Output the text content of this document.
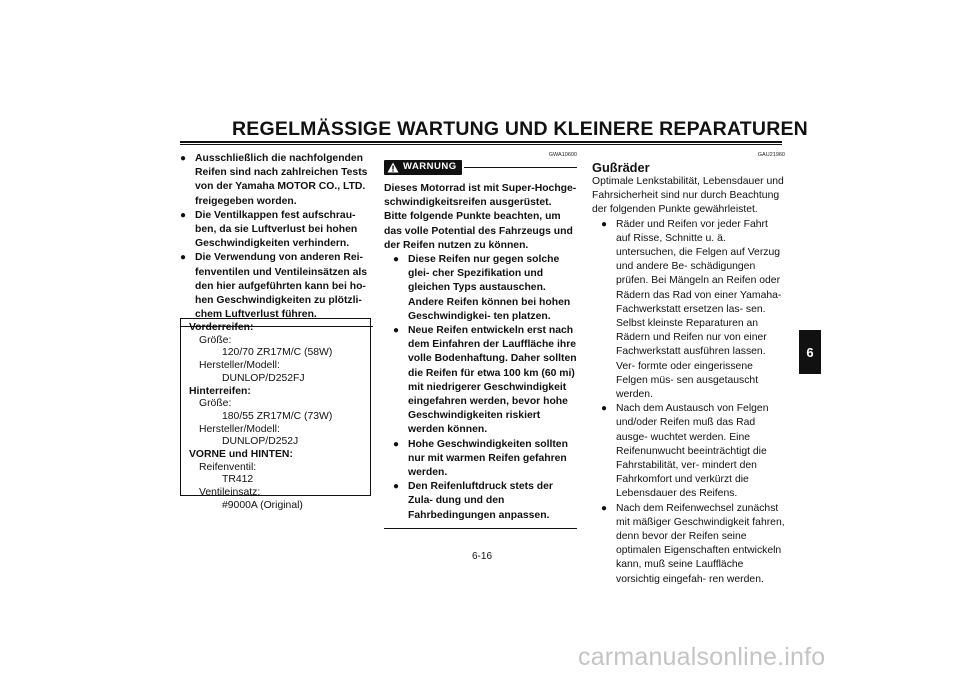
REGELMÄSSIGE WARTUNG UND KLEINERE REPARATUREN
● Ausschließlich die nachfolgenden Reifen sind nach zahlreichen Tests von der Yamaha MOTOR CO., LTD. freigegeben worden.
● Die Ventilkappen fest aufschrau- ben, da sie Luftverlust bei hohen Geschwindigkeiten verhindern.
● Die Verwendung von anderen Rei- fenventilen und Ventileinsätzen als den hier aufgeführten kann bei ho- hen Geschwindigkeiten zu plötzli- chem Luftverlust führen.
Vorderreifen:
Größe:
120/70 ZR17M/C (58W)
Hersteller/Modell:
DUNLOP/D252FJ
Hinterreifen:
Größe:
180/55 ZR17M/C (73W)
Hersteller/Modell:
DUNLOP/D252J
VORNE und HINTEN:
Reifenventil:
TR412
Ventileinsatz:
#9000A (Original)
GWA10600
WARNUNG
Dieses Motorrad ist mit Super-Hochge- schwindigkeitsreifen ausgerüstet. Bitte folgende Punkte beachten, um das volle Potential des Fahrzeugs und der Reifen nutzen zu können.
● Diese Reifen nur gegen solche glei- cher Spezifikation und gleichen Typs austauschen. Andere Reifen können bei hohen Geschwindigkei- ten platzen.
● Neue Reifen entwickeln erst nach dem Einfahren der Lauffläche ihre volle Bodenhaftung. Daher sollten die Reifen für etwa 100 km (60 mi) mit niedrigerer Geschwindigkeit eingefahren werden, bevor hohe Geschwindigkeiten riskiert werden können.
● Hohe Geschwindigkeiten sollten nur mit warmen Reifen gefahren werden.
● Den Reifenluftdruck stets der Zula- dung und den Fahrbedingungen anpassen.
GAU21960
Gußräder
Optimale Lenkstabilität, Lebensdauer und Fahrsicherheit sind nur durch Beachtung der folgenden Punkte gewährleistet.
● Räder und Reifen vor jeder Fahrt auf Risse, Schnitte u. ä. untersuchen, die Felgen auf Verzug und andere Be- schädigungen prüfen. Bei Mängeln an Reifen oder Rädern das Rad von einer Yamaha-Fachwerkstatt ersetzen las- sen. Selbst kleinste Reparaturen an Rädern und Reifen nur von einer Fachwerkstatt ausführen lassen. Ver- formte oder eingerissene Felgen müs- sen ausgetauscht werden.
● Nach dem Austausch von Felgen und/oder Reifen muß das Rad ausge- wuchtet werden. Eine Reifenunwucht beeinträchtigt die Fahrstabilität, ver- mindert den Fahrkomfort und verkürzt die Lebensdauer des Reifens.
● Nach dem Reifenwechsel zunächst mit mäßiger Geschwindigkeit fahren, denn bevor der Reifen seine optimalen Eigenschaften entwickeln kann, muß seine Lauffläche vorsichtig eingefah- ren werden.
6
6-16
carmanualsonline.info
